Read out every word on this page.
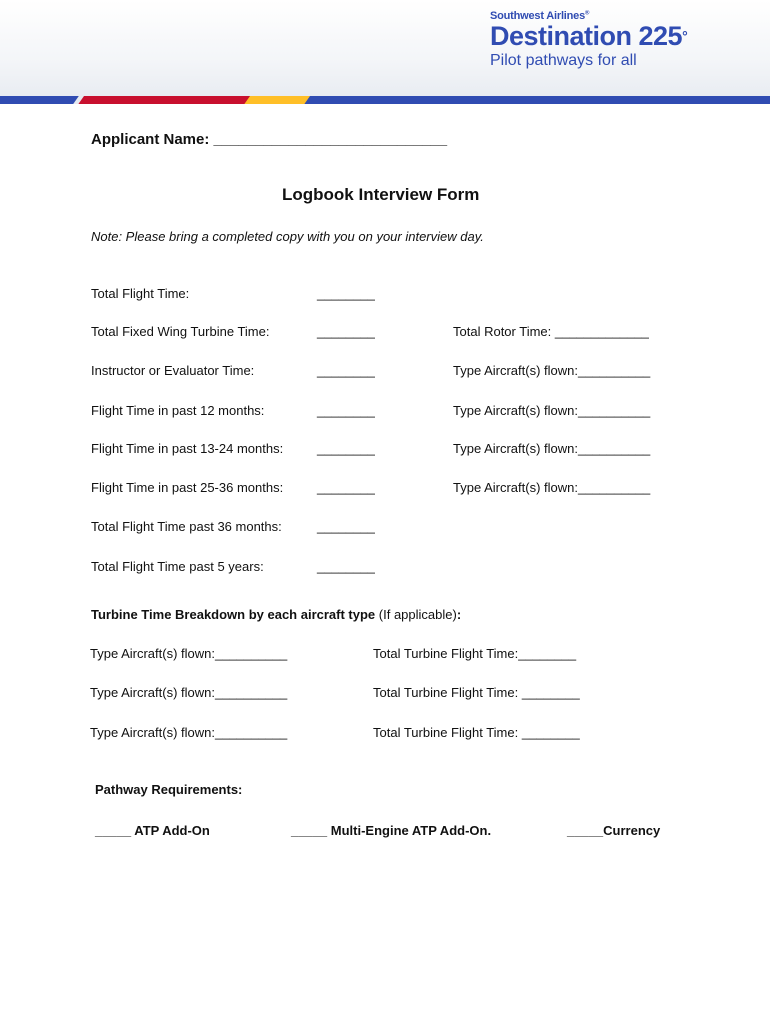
Southwest Airlines®
Destination 225°
Pilot pathways for all
Applicant Name: ____________________________
Logbook Interview Form
Note: Please bring a completed copy with you on your interview day.
Total Flight Time:
Total Fixed Wing Turbine Time:
Instructor or Evaluator Time:
Flight Time in past 12 months:
Flight Time in past 13-24 months:
Flight Time in past 25-36 months:
Total Flight Time past 36 months:
Total Flight Time past 5 years:
________
________
________
________
________
________
________
________
Total Rotor Time: _____________
Type Aircraft(s) flown:__________
Type Aircraft(s) flown:__________
Type Aircraft(s) flown:__________
Type Aircraft(s) flown:__________
Turbine Time Breakdown by each aircraft type (If applicable):
Type Aircraft(s) flown:__________
Type Aircraft(s) flown:__________
Type Aircraft(s) flown:__________
Total Turbine Flight Time:________
Total Turbine Flight Time: ________
Total Turbine Flight Time: ________
Pathway Requirements:
_____ ATP Add-On	_____ Multi-Engine ATP Add-On.	_____Currency
